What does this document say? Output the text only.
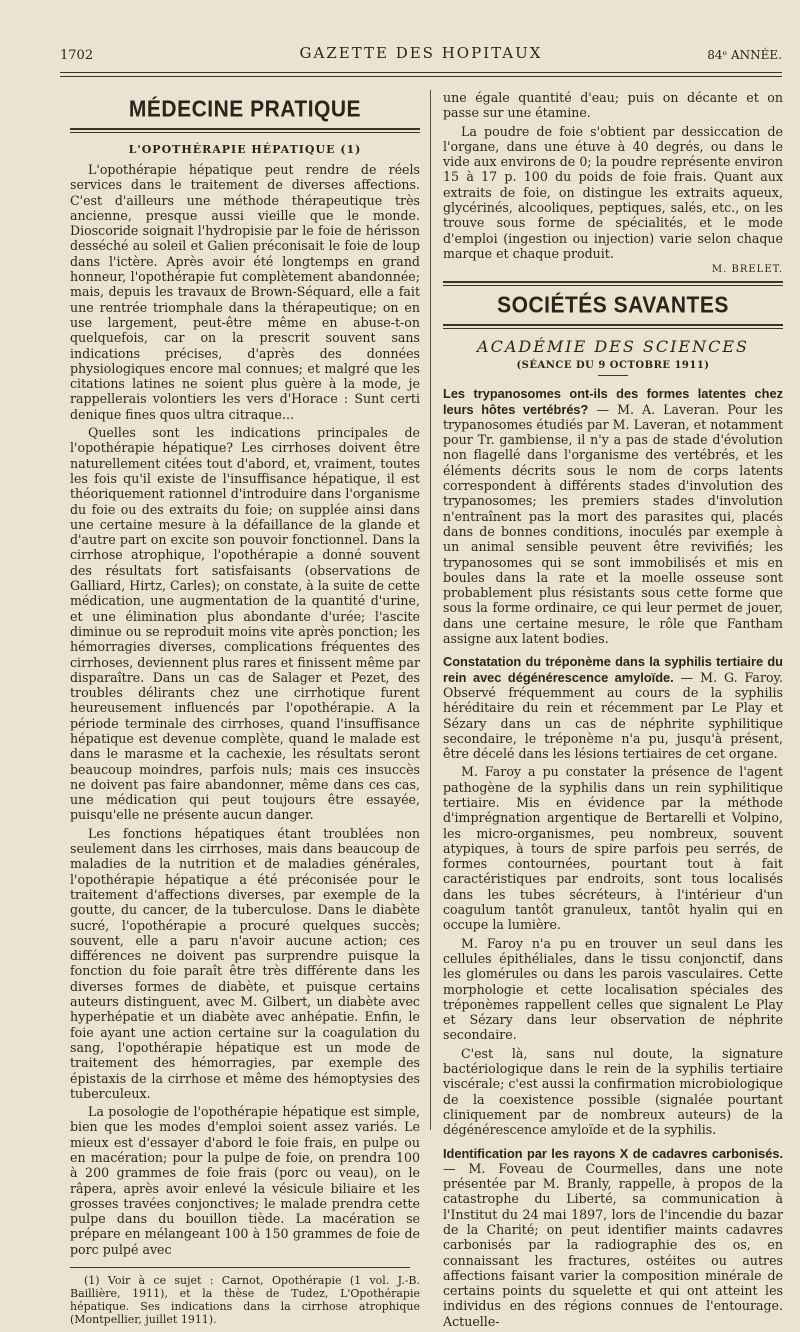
1702	GAZETTE DES HOPITAUX	84ᵉ ANNÉE.
MÉDECINE PRATIQUE
L'OPOTHÉRAPIE HÉPATIQUE (1)

L'opothérapie hépatique peut rendre de réels services dans le traitement de diverses affections. C'est d'ailleurs une méthode thérapeutique très ancienne, presque aussi vieille que le monde. Dioscoride soignait l'hydropisie par le foie de hérisson desséché au soleil et Galien préconisait le foie de loup dans l'ictère. Après avoir été longtemps en grand honneur, l'opothérapie fut complètement abandonnée; mais, depuis les travaux de Brown-Séquard, elle a fait une rentrée triomphale dans la thérapeutique; on en use largement, peut-être même en abuse-t-on quelquefois, car on la prescrit souvent sans indications précises, d'après des données physiologiques encore mal connues; et malgré que les citations latines ne soient plus guère à la mode, je rappellerais volontiers les vers d'Horace : Sunt certi denique fines quos ultra citraque...

Quelles sont les indications principales de l'opothérapie hépatique? Les cirrhoses doivent être naturellement citées tout d'abord, et, vraiment, toutes les fois qu'il existe de l'insuffisance hépatique, il est théoriquement rationnel d'introduire dans l'organisme du foie ou des extraits du foie; on supplée ainsi dans une certaine mesure à la défaillance de la glande et d'autre part on excite son pouvoir fonctionnel. Dans la cirrhose atrophique, l'opothérapie a donné souvent des résultats fort satisfaisants (observations de Galliard, Hirtz, Carles); on constate, à la suite de cette médication, une augmentation de la quantité d'urine, et une élimination plus abondante d'urée; l'ascite diminue ou se reproduit moins vite après ponction; les hémorragies diverses, complications fréquentes des cirrhoses, deviennent plus rares et finissent même par disparaître. Dans un cas de Salager et Pezet, des troubles délirants chez une cirrhotique furent heureusement influencés par l'opothérapie. A la période terminale des cirrhoses, quand l'insuffisance hépatique est devenue complète, quand le malade est dans le marasme et la cachexie, les résultats seront beaucoup moindres, parfois nuls; mais ces insuccès ne doivent pas faire abandonner, même dans ces cas, une médication qui peut toujours être essayée, puisqu'elle ne présente aucun danger.

Les fonctions hépatiques étant troublées non seulement dans les cirrhoses, mais dans beaucoup de maladies de la nutrition et de maladies générales, l'opothérapie hépatique a été préconisée pour le traitement d'affections diverses, par exemple de la goutte, du cancer, de la tuberculose. Dans le diabète sucré, l'opothérapie a procuré quelques succès; souvent, elle a paru n'avoir aucune action; ces différences ne doivent pas surprendre puisque la fonction du foie paraît être très différente dans les diverses formes de diabète, et puisque certains auteurs distinguent, avec M. Gilbert, un diabète avec hyperhépatie et un diabète avec anhépatie. Enfin, le foie ayant une action certaine sur la coagulation du sang, l'opothérapie hépatique est un mode de traitement des hémorragies, par exemple des épistaxis de la cirrhose et même des hémoptysies des tuberculeux.

La posologie de l'opothérapie hépatique est simple, bien que les modes d'emploi soient assez variés. Le mieux est d'essayer d'abord le foie frais, en pulpe ou en macération; pour la pulpe de foie, on prendra 100 à 200 grammes de foie frais (porc ou veau), on le râpera, après avoir enlevé la vésicule biliaire et les grosses travées conjonctives; le malade prendra cette pulpe dans du bouillon tiède. La macération se prépare en mélangeant 100 à 150 grammes de foie de porc pulpé avec

(1) Voir à ce sujet : Carnot, Opothérapie (1 vol. J.-B. Baillière, 1911), et la thèse de Tudez, L'Opothérapie hépatique. Ses indications dans la cirrhose atrophique (Montpellier, juillet 1911).

une égale quantité d'eau; puis on décante et on passe sur une étamine.

La poudre de foie s'obtient par dessiccation de l'organe, dans une étuve à 40 degrés, ou dans le vide aux environs de 0; la poudre représente environ 15 à 17 p. 100 du poids de foie frais. Quant aux extraits de foie, on distingue les extraits aqueux, glycérinés, alcooliques, peptiques, salés, etc., on les trouve sous forme de spécialités, et le mode d'emploi (ingestion ou injection) varie selon chaque marque et chaque produit.

M. BRELET.
SOCIÉTÉS SAVANTES
ACADÉMIE DES SCIENCES
(SÉANCE DU 9 OCTOBRE 1911)

Les trypanosomes ont-ils des formes latentes chez leurs hôtes vertébrés? — M. A. Laveran. Pour les trypanosomes étudiés par M. Laveran, et notamment pour Tr. gambiense, il n'y a pas de stade d'évolution non flagellé dans l'organisme des vertébrés, et les éléments décrits sous le nom de corps latents correspondent à différents stades d'involution des trypanosomes; les premiers stades d'involution n'entraînent pas la mort des parasites qui, placés dans de bonnes conditions, inoculés par exemple à un animal sensible peuvent être revivifiés; les trypanosomes qui se sont immobilisés et mis en boules dans la rate et la moelle osseuse sont probablement plus résistants sous cette forme que sous la forme ordinaire, ce qui leur permet de jouer, dans une certaine mesure, le rôle que Fantham assigne aux latent bodies.

Constatation du tréponème dans la syphilis tertiaire du rein avec dégénérescence amyloïde. — M. G. Faroy. Observé fréquemment au cours de la syphilis héréditaire du rein et récemment par Le Play et Sézary dans un cas de néphrite syphilitique secondaire, le tréponème n'a pu, jusqu'à présent, être décelé dans les lésions tertiaires de cet organe.

M. Faroy a pu constater la présence de l'agent pathogène de la syphilis dans un rein syphilitique tertiaire. Mis en évidence par la méthode d'imprégnation argentique de Bertarelli et Volpino, les micro-organismes, peu nombreux, souvent atypiques, à tours de spire parfois peu serrés, de formes contournées, pourtant tout à fait caractéristiques par endroits, sont tous localisés dans les tubes sécréteurs, à l'intérieur d'un coagulum tantôt granuleux, tantôt hyalin qui en occupe la lumière.

M. Faroy n'a pu en trouver un seul dans les cellules épithéliales, dans le tissu conjonctif, dans les glomérules ou dans les parois vasculaires. Cette morphologie et cette localisation spéciales des tréponèmes rappellent celles que signalent Le Play et Sézary dans leur observation de néphrite secondaire.

C'est là, sans nul doute, la signature bactériologique dans le rein de la syphilis tertiaire viscérale; c'est aussi la confirmation microbiologique de la coexistence possible (signalée pourtant cliniquement par de nombreux auteurs) de la dégénérescence amyloïde et de la syphilis.

Identification par les rayons X de cadavres carbonisés. — M. Foveau de Courmelles, dans une note présentée par M. Branly, rappelle, à propos de la catastrophe du Liberté, sa communication à l'Institut du 24 mai 1897, lors de l'incendie du bazar de la Charité; on peut identifier maints cadavres carbonisés par la radiographie des os, en connaissant les fractures, ostéites ou autres affections faisant varier la composition minérale de certains points du squelette et qui ont atteint les individus en des régions connues de l'entourage. Actuelle-
